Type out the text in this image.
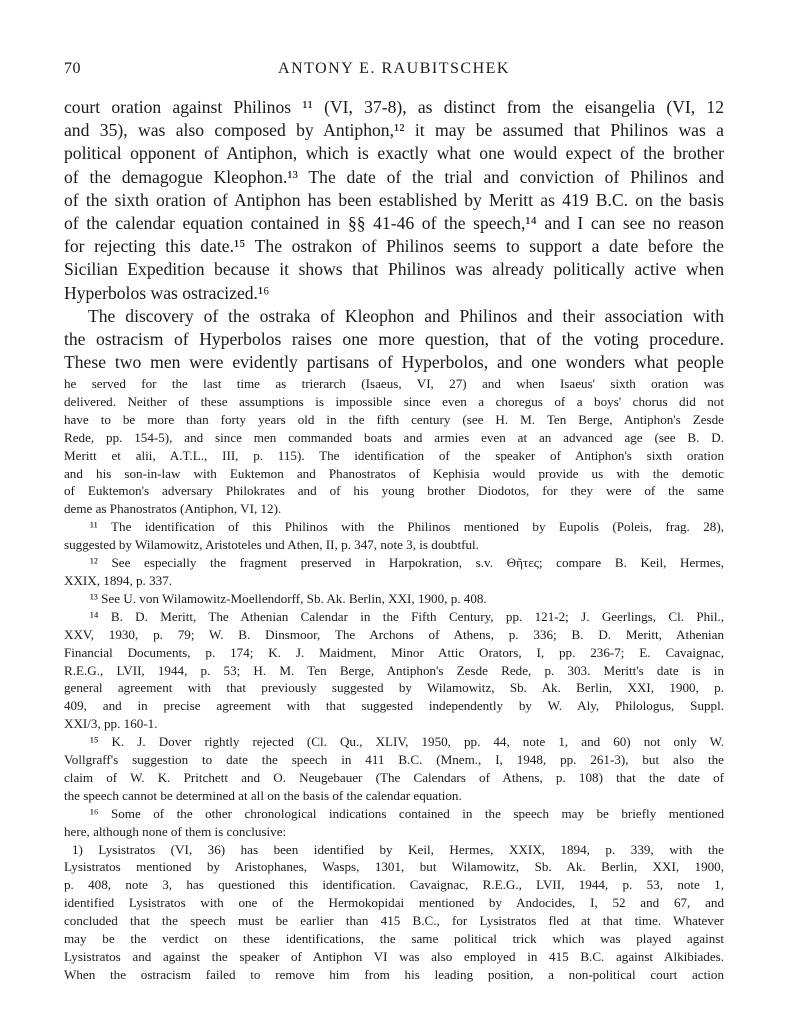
70	ANTONY E. RAUBITSCHEK
court oration against Philinos ¹¹ (VI, 37-8), as distinct from the eisangelia (VI, 12
and 35), was also composed by Antiphon,¹² it may be assumed that Philinos was a
political opponent of Antiphon, which is exactly what one would expect of the brother
of the demagogue Kleophon.¹³ The date of the trial and conviction of Philinos and
of the sixth oration of Antiphon has been established by Meritt as 419 B.C. on the basis
of the calendar equation contained in §§ 41-46 of the speech,¹⁴ and I can see no reason
for rejecting this date.¹⁵ The ostrakon of Philinos seems to support a date before the
Sicilian Expedition because it shows that Philinos was already politically active when
Hyperbolos was ostracized.¹⁶
The discovery of the ostraka of Kleophon and Philinos and their association with
the ostracism of Hyperbolos raises one more question, that of the voting procedure.
These two men were evidently partisans of Hyperbolos, and one wonders what people
he served for the last time as trierarch (Isaeus, VI, 27) and when Isaeus' sixth oration was
delivered. Neither of these assumptions is impossible since even a choregus of a boys' chorus did not
have to be more than forty years old in the fifth century (see H. M. Ten Berge, Antiphon's Zesde
Rede, pp. 154-5), and since men commanded boats and armies even at an advanced age (see B. D.
Meritt et alii, A.T.L., III, p. 115). The identification of the speaker of Antiphon's sixth oration
and his son-in-law with Euktemon and Phanostratos of Kephisia would provide us with the demotic
of Euktemon's adversary Philokrates and of his young brother Diodotos, for they were of the same
deme as Phanostratos (Antiphon, VI, 12).
¹¹ The identification of this Philinos with the Philinos mentioned by Eupolis (Poleis, frag. 28),
suggested by Wilamowitz, Aristoteles und Athen, II, p. 347, note 3, is doubtful.
¹² See especially the fragment preserved in Harpokration, s.v. Θῆτες; compare B. Keil, Hermes,
XXIX, 1894, p. 337.
¹³ See U. von Wilamowitz-Moellendorff, Sb. Ak. Berlin, XXI, 1900, p. 408.
¹⁴ B. D. Meritt, The Athenian Calendar in the Fifth Century, pp. 121-2; J. Geerlings, Cl. Phil.,
XXV, 1930, p. 79; W. B. Dinsmoor, The Archons of Athens, p. 336; B. D. Meritt, Athenian
Financial Documents, p. 174; K. J. Maidment, Minor Attic Orators, I, pp. 236-7; E. Cavaignac,
R.E.G., LVII, 1944, p. 53; H. M. Ten Berge, Antiphon's Zesde Rede, p. 303. Meritt's date is in
general agreement with that previously suggested by Wilamowitz, Sb. Ak. Berlin, XXI, 1900, p.
409, and in precise agreement with that suggested independently by W. Aly, Philologus, Suppl.
XXI/3, pp. 160-1.
¹⁵ K. J. Dover rightly rejected (Cl. Qu., XLIV, 1950, pp. 44, note 1, and 60) not only W.
Vollgraff's suggestion to date the speech in 411 B.C. (Mnem., I, 1948, pp. 261-3), but also the
claim of W. K. Pritchett and O. Neugebauer (The Calendars of Athens, p. 108) that the date of
the speech cannot be determined at all on the basis of the calendar equation.
¹⁶ Some of the other chronological indications contained in the speech may be briefly mentioned
here, although none of them is conclusive:
1) Lysistratos (VI, 36) has been identified by Keil, Hermes, XXIX, 1894, p. 339, with the
Lysistratos mentioned by Aristophanes, Wasps, 1301, but Wilamowitz, Sb. Ak. Berlin, XXI, 1900,
p. 408, note 3, has questioned this identification. Cavaignac, R.E.G., LVII, 1944, p. 53, note 1,
identified Lysistratos with one of the Hermokopidai mentioned by Andocides, I, 52 and 67, and
concluded that the speech must be earlier than 415 B.C., for Lysistratos fled at that time. Whatever
may be the verdict on these identifications, the same political trick which was played against
Lysistratos and against the speaker of Antiphon VI was also employed in 415 B.C. against Alkibiades.
When the ostracism failed to remove him from his leading position, a non-political court action
